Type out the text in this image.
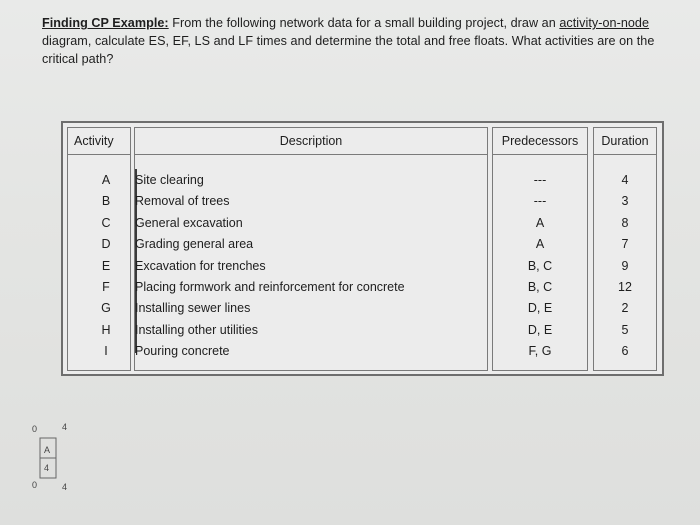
Finding CP Example: From the following network data for a small building project, draw an activity-on-node diagram, calculate ES, EF, LS and LF times and determine the total and free floats. What activities are on the critical path?
Activity
A
B
C
D
E
F
G
H
I
Description
Site clearing
Removal of trees
General excavation
Grading general area
Excavation for trenches
Placing formwork and reinforcement for concrete
Installing sewer lines
Installing other utilities
Pouring concrete
Predecessors
---
---
A
A
B, C
B, C
D, E
D, E
F, G
Duration
4
3
8
7
9
12
2
5
6
0	4
A
4
0	4
